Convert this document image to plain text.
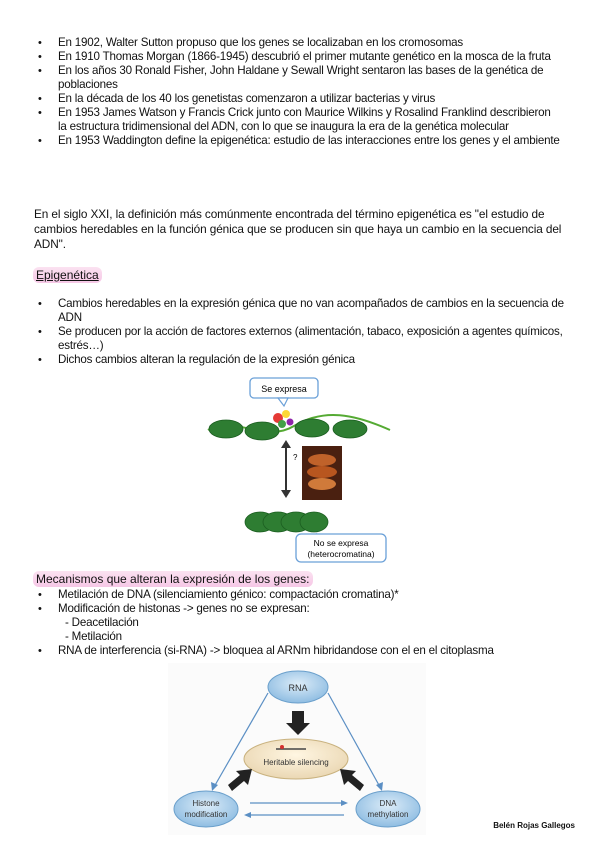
• En 1902, Walter Sutton propuso que los genes se localizaban en los cromosomas
• En 1910 Thomas Morgan (1866-1945) descubrió el primer mutante genético en la mosca de la fruta
• En los años 30 Ronald Fisher, John Haldane y Sewall Wright sentaron las bases de la genética de poblaciones
• En la década de los 40 los genetistas comenzaron a utilizar bacterias y virus
• En 1953 James Watson y Francis Crick junto con Maurice Wilkins y Rosalind Franklind describieron la estructura tridimensional del ADN, con lo que se inaugura la era de la genética molecular
• En 1953 Waddington define la epigenética: estudio de las interacciones entre los genes y el ambiente

En el siglo XXI, la definición más comúnmente encontrada del término epigenética es "el estudio de cambios heredables en la función génica que se producen sin que haya un cambio en la secuencia del ADN".

Epigenética
• Cambios heredables en la expresión génica que no van acompañados de cambios en la secuencia de ADN
• Se producen por la acción de factores externos (alimentación, tabaco, exposición a agentes químicos, estrés…)
• Dichos cambios alteran la regulación de la expresión génica
Se expresa
?
No se expresa
(heterocromatina)
Mecanismos que alteran la expresión de los genes:
• Metilación de DNA (silenciamiento génico: compactación cromatina)*
• Modificación de histonas -> genes no se expresan:
- Deacetilación
- Metilación
• RNA de interferencia (si-RNA) -> bloquea al ARNm hibridandose con el en el citoplasma
RNA
Heritable silencing
Histone
modification
DNA
methylation
Belén Rojas Gallegos
